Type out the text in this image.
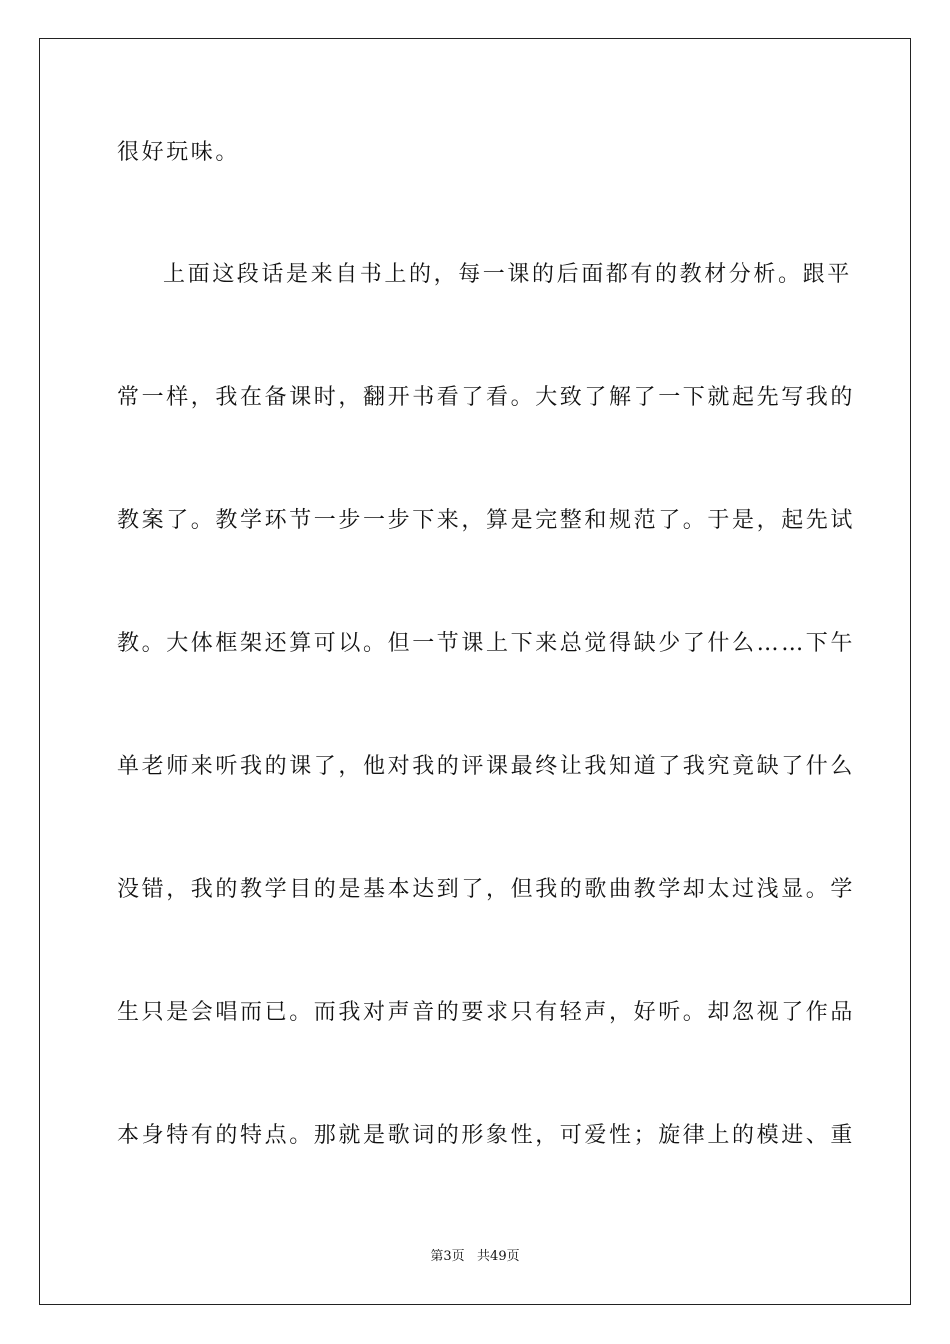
很好玩味。
上面这段话是来自书上的，每一课的后面都有的教材分析。跟平
常一样，我在备课时，翻开书看了看。大致了解了一下就起先写我的
教案了。教学环节一步一步下来，算是完整和规范了。于是，起先试
教。大体框架还算可以。但一节课上下来总觉得缺少了什么……下午
单老师来听我的课了，他对我的评课最终让我知道了我究竟缺了什么
没错，我的教学目的是基本达到了，但我的歌曲教学却太过浅显。学
生只是会唱而已。而我对声音的要求只有轻声，好听。却忽视了作品
本身特有的特点。那就是歌词的形象性，可爱性；旋律上的模进、重
第3页   共49页
